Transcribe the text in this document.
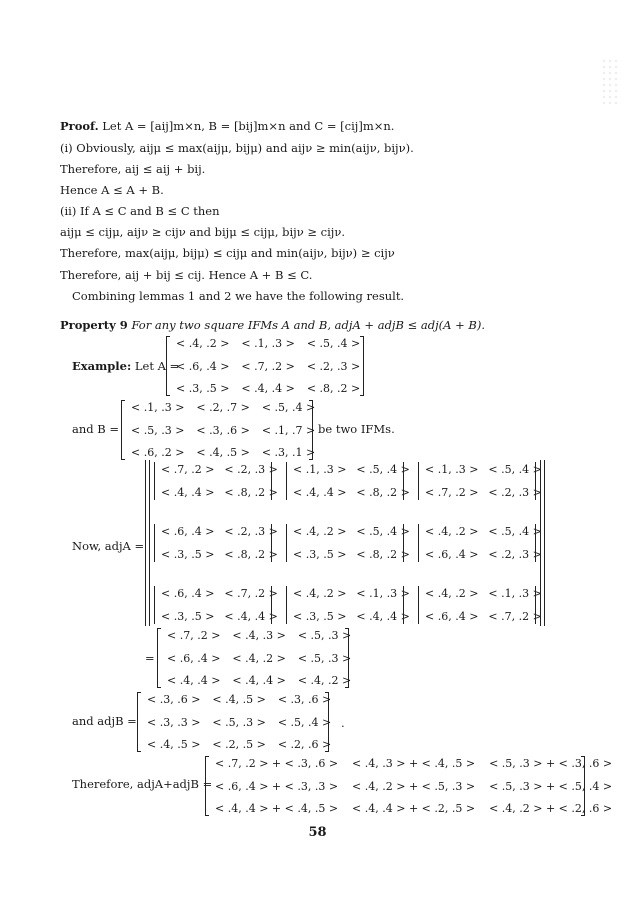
Proof. Let A = [aij]m×n, B = [bij]m×n and C = [cij]m×n.
(i) Obviously, aijμ ≤ max(aijμ, bijμ) and aijν ≥ min(aijν, bijν).
Therefore, aij ≤ aij + bij.
Hence A ≤ A + B.
(ii) If A ≤ C and B ≤ C then
aijμ ≤ cijμ, aijν ≥ cijν and bijμ ≤ cijμ, bijν ≥ cijν.
Therefore, max(aijμ, bijμ) ≤ cijμ and min(aijν, bijν) ≥ cijν
Therefore, aij + bij ≤ cij. Hence A + B ≤ C.
Combining lemmas 1 and 2 we have the following result.
Property 9 For any two square IFMs A and B, adjA + adjB ≤ adj(A + B).
Example: Let A =
< .4, .2 > < .1, .3 > < .5, .4 >
< .6, .4 > < .7, .2 > < .2, .3 >
< .3, .5 > < .4, .4 > < .8, .2 >
and B =
< .1, .3 > < .2, .7 > < .5, .4 >
< .5, .3 > < .3, .6 > < .1, .7 >
< .6, .2 > < .4, .5 > < .3, .1 >
be two IFMs.
Now, adjA =
< .7, .2 > < .2, .3 >
< .4, .4 > < .8, .2 >
< .1, .3 > < .5, .4 >
< .4, .4 > < .8, .2 >
< .1, .3 > < .5, .4 >
< .7, .2 > < .2, .3 >
< .6, .4 > < .2, .3 >
< .3, .5 > < .8, .2 >
< .4, .2 > < .5, .4 >
< .3, .5 > < .8, .2 >
< .4, .2 > < .5, .4 >
< .6, .4 > < .2, .3 >
< .6, .4 > < .7, .2 >
< .3, .5 > < .4, .4 >
< .4, .2 > < .1, .3 >
< .3, .5 > < .4, .4 >
< .4, .2 > < .1, .3 >
< .6, .4 > < .7, .2 >
=
< .7, .2 > < .4, .3 > < .5, .3 >
< .6, .4 > < .4, .2 > < .5, .3 >
< .4, .4 > < .4, .4 > < .4, .2 >
and adjB =
< .3, .6 > < .4, .5 > < .3, .6 >
< .3, .3 > < .5, .3 > < .5, .4 >
< .4, .5 > < .2, .5 > < .2, .6 >
.
Therefore, adjA+adjB =
< .7, .2 > + < .3, .6 > < .4, .3 > + < .4, .5 > < .5, .3 > + < .3, .6 >
< .6, .4 > + < .3, .3 > < .4, .2 > + < .5, .3 > < .5, .3 > + < .5, .4 >
< .4, .4 > + < .4, .5 > < .4, .4 > + < .2, .5 > < .4, .2 > + < .2, .6 >
58
